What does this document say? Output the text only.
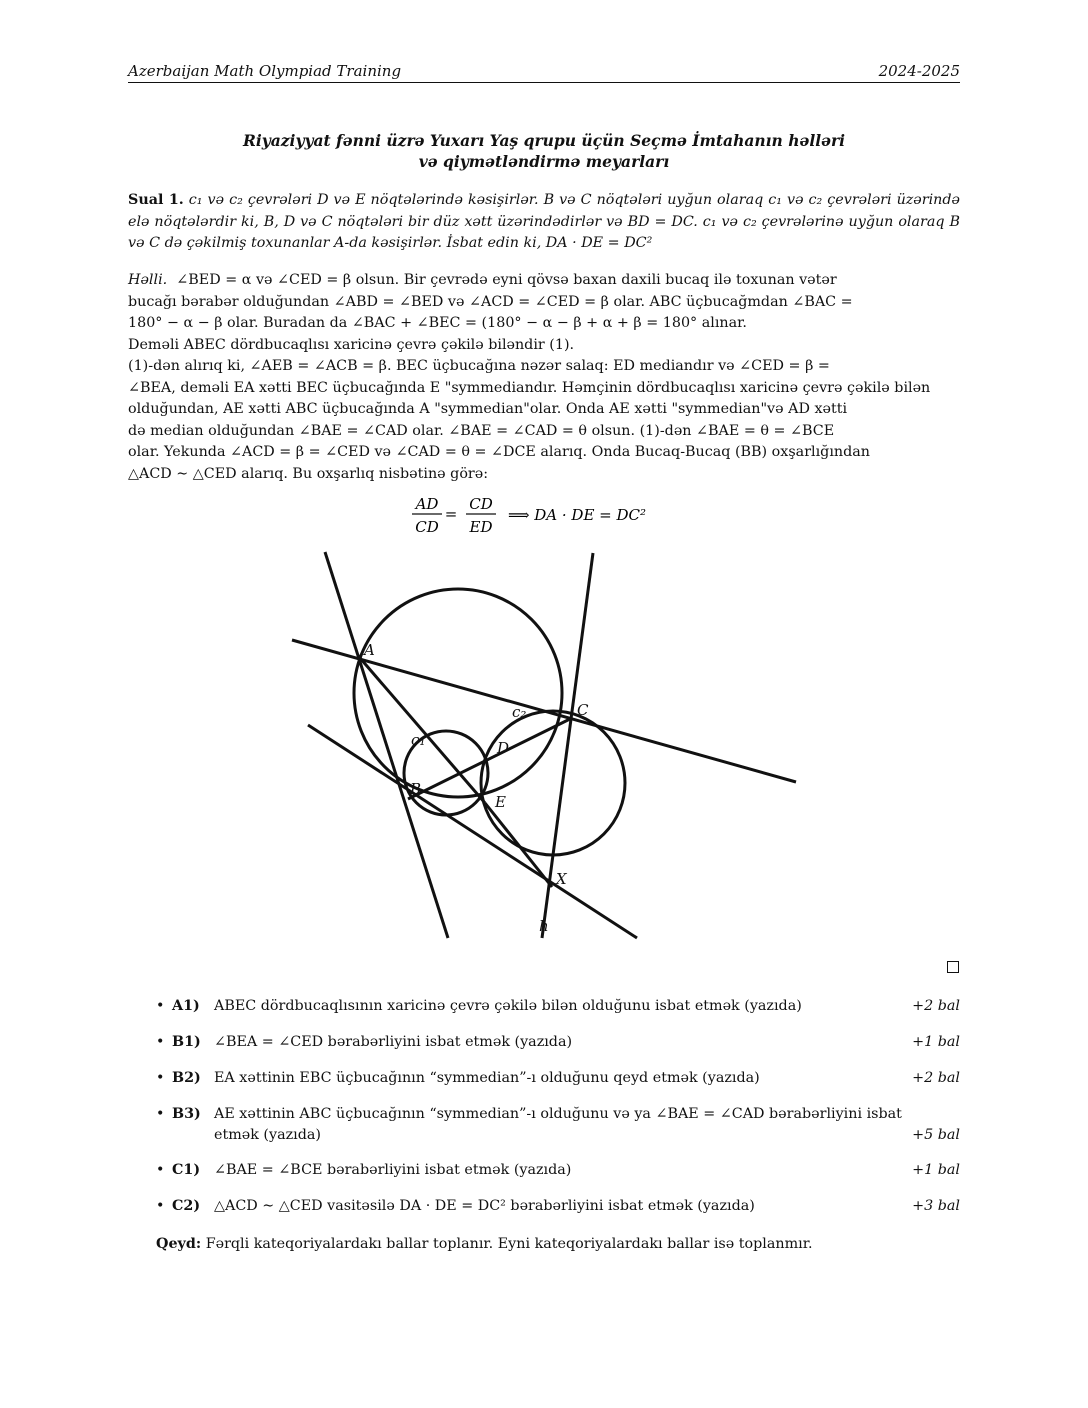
Azerbaijan Math Olympiad Training	2024-2025
Riyaziyyat fənni üzrə Yuxarı Yaş qrupu üçün Seçmə İmtahanın həlləri
və qiymətləndirmə meyarları
Sual 1. c₁ və c₂ çevrələri D və E nöqtələrində kəsişirlər. B və C nöqtələri uyğun olaraq c₁ və c₂ çevrələri üzərində elə nöqtələrdir ki, B, D və C nöqtələri bir düz xətt üzərindədirlər və BD = DC. c₁ və c₂ çevrələrinə uyğun olaraq B və C də çəkilmiş toxunanlar A-da kəsişirlər. İsbat edin ki, DA · DE = DC²
Həlli. ∠BED = α və ∠CED = β olsun. Bir çevrədə eyni qövsə baxan daxili bucaq ilə toxunan vətər
bucağı bərabər olduğundan ∠ABD = ∠BED və ∠ACD = ∠CED = β olar. ABC üçbucağmdan ∠BAC =
180° − α − β olar. Buradan da ∠BAC + ∠BEC = (180° − α − β + α + β = 180° alınar.
Deməli ABEC dördbucaqlısı xaricinə çevrə çəkilə bilәndir (1).
(1)-dən alırıq ki, ∠AEB = ∠ACB = β. BEC üçbucağına nəzər salaq: ED mediandır və ∠CED = β =
∠BEA, deməli EA xətti BEC üçbucağında E "symmediandır. Həmçinin dördbucaqlısı xaricinə çevrə çəkilə bilən
olduğundan, AE xətti ABC üçbucağında A "symmedian"olar. Onda AE xətti "symmedian"və AD xətti
də median olduğundan ∠BAE = ∠CAD olar. ∠BAE = ∠CAD = θ olsun. (1)-dən ∠BAE = θ = ∠BCE
olar. Yekunda ∠ACD = β = ∠CED və ∠CAD = θ = ∠DCE alarıq. Onda Bucaq-Bucaq (BB) oxşarlığından
△ACD ∼ △CED alarıq. Bu oxşarlıq nisbətinə görə:
AD
CD
=
CD
ED
⟹ DA · DE = DC²
A
B
C
D
E
X
c₁
c₂
h
• A1) ABEC dördbucaqlısının xaricinə çevrə çəkilə bilən olduğunu isbat etmək (yazıda)	+2 bal
• B1) ∠BEA = ∠CED bərabərliyini isbat etmək (yazıda)	+1 bal
• B2) EA xəttinin EBC üçbucağının “symmedian”-ı olduğunu qeyd etmək (yazıda)	+2 bal
• B3) AE xəttinin ABC üçbucağının “symmedian”-ı olduğunu və ya ∠BAE = ∠CAD bərabərliyini isbat etmək (yazıda)	+5 bal
• C1) ∠BAE = ∠BCE bərabərliyini isbat etmək (yazıda)	+1 bal
• C2) △ACD ∼ △CED vasitəsilə DA · DE = DC² bərabərliyini isbat etmək (yazıda)	+3 bal
Qeyd: Fərqli kateqoriyalardakı ballar toplanır. Eyni kateqoriyalardakı ballar isə toplanmır.
